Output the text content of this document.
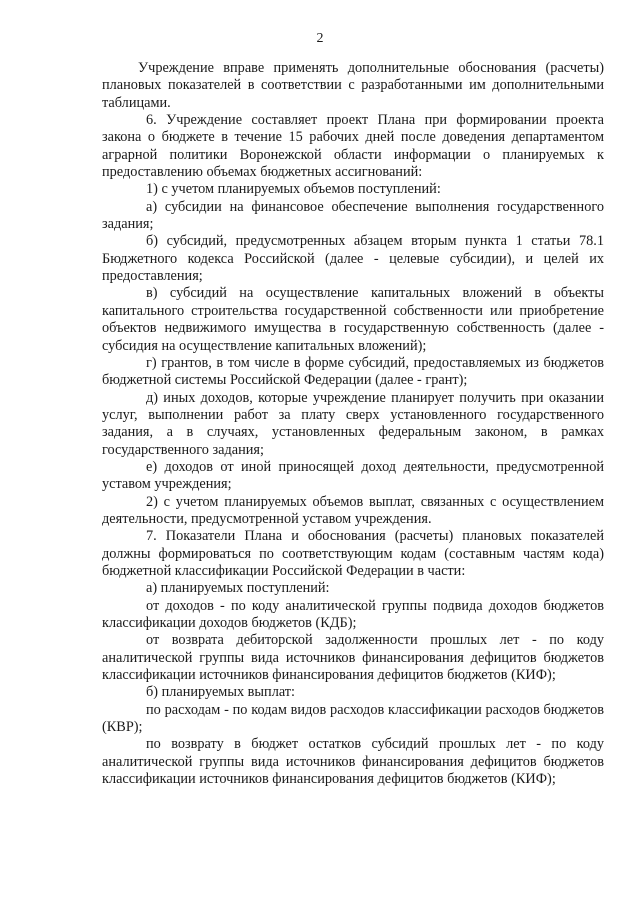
2

Учреждение вправе применять дополнительные обоснования (расчеты) плановых показателей в соответствии с разработанными им дополнительными таблицами.

6. Учреждение составляет проект Плана при формировании проекта закона о бюджете в течение 15 рабочих дней после доведения департаментом аграрной политики Воронежской области информации о планируемых к предоставлению объемах бюджетных ассигнований:

1) с учетом планируемых объемов поступлений:

а) субсидии на финансовое обеспечение выполнения государственного задания;

б) субсидий, предусмотренных абзацем вторым пункта 1 статьи 78.1 Бюджетного кодекса Российской (далее - целевые субсидии), и целей их предоставления;

в) субсидий на осуществление капитальных вложений в объекты капитального строительства государственной собственности или приобретение объектов недвижимого имущества в государственную собственность (далее - субсидия на осуществление капитальных вложений);

г) грантов, в том числе в форме субсидий, предоставляемых из бюджетов бюджетной системы Российской Федерации (далее - грант);

д) иных доходов, которые учреждение планирует получить при оказании услуг, выполнении работ за плату сверх установленного государственного задания, а в случаях, установленных федеральным законом, в рамках государственного задания;

е) доходов от иной приносящей доход деятельности, предусмотренной уставом учреждения;

2) с учетом планируемых объемов выплат, связанных с осуществлением деятельности, предусмотренной уставом учреждения.

7. Показатели Плана и обоснования (расчеты) плановых показателей должны формироваться по соответствующим кодам (составным частям кода) бюджетной классификации Российской Федерации в части:

а) планируемых поступлений:

от доходов - по коду аналитической группы подвида доходов бюджетов классификации доходов бюджетов (КДБ);

от возврата дебиторской задолженности прошлых лет - по коду аналитической группы вида источников финансирования дефицитов бюджетов классификации источников финансирования дефицитов бюджетов (КИФ);

б) планируемых выплат:

по расходам - по кодам видов расходов классификации расходов бюджетов (КВР);

по возврату в бюджет остатков субсидий прошлых лет - по коду аналитической группы вида источников финансирования дефицитов бюджетов классификации источников финансирования дефицитов бюджетов (КИФ);
